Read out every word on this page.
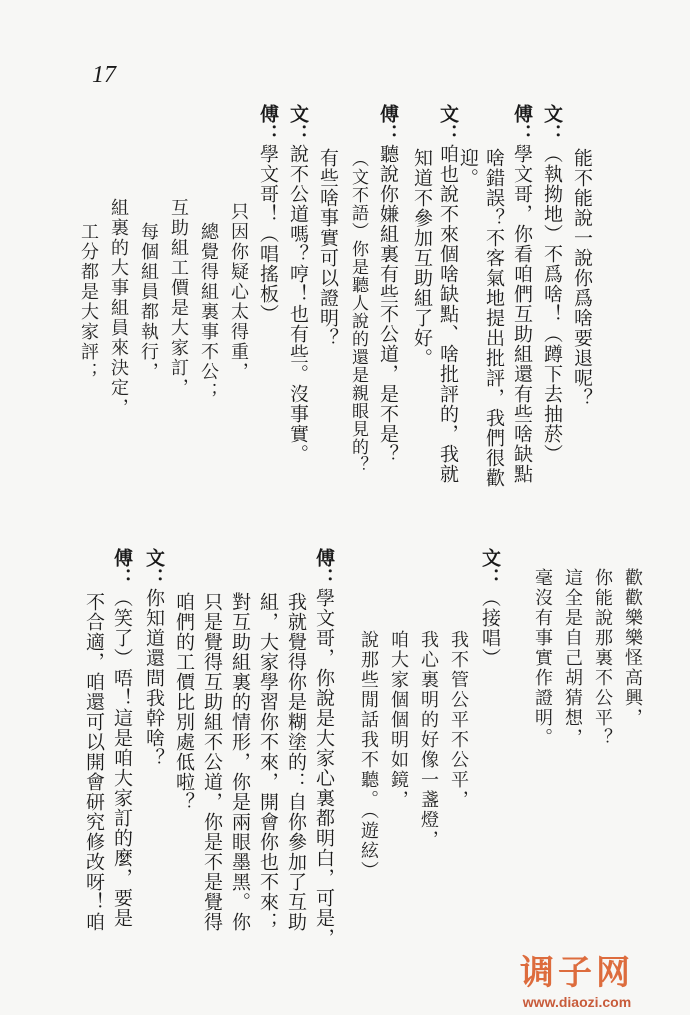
17
能不能說一說你爲啥要退呢？
文：（執拗地）不爲啥！（蹲下去抽菸）
傅：學文哥，你看咱們互助組還有些啥缺點
啥錯誤？不客氣地提出批評，我們很歡
迎。
文：咱也說不來個啥缺點、啥批評的，我就
知道不參加互助組了好。
傅：聽說你嫌組裏有些不公道，是不是？
（文不語）你是聽人說的還是親眼見的？
有些啥事實可以證明？
文：說不公道嗎？哼！也有些。沒事實。
傅：學文哥！（唱搖板）
只因你疑心太得重，
總覺得組裏事不公；
互助組工價是大家訂，
每個組員都執行，
組裏的大事組員來決定，
工分都是大家評；
歡歡樂樂怪高興，
你能說那裏不公平？
這全是自己胡猜想，
毫沒有事實作證明。
文：（接唱）
我不管公平不公平，
我心裏明的好像一盞燈，
咱大家個個明如鏡，
說那些閒話我不聽。（遊絃）
傅：學文哥，你說是大家心裏都明白，可是，
我就覺得你是糊塗的：自你參加了互助
組，大家學習你不來，開會你也不來；
對互助組裏的情形，你是兩眼墨黑。你
只是覺得互助組不公道，你是不是覺得
咱們的工價比別處低啦？
文：你知道還問我幹啥？
傅：（笑了）唔！這是咱大家訂的麼，要是
不合適，咱還可以開會研究修改呀！咱
调子网
www.diaozi.com
